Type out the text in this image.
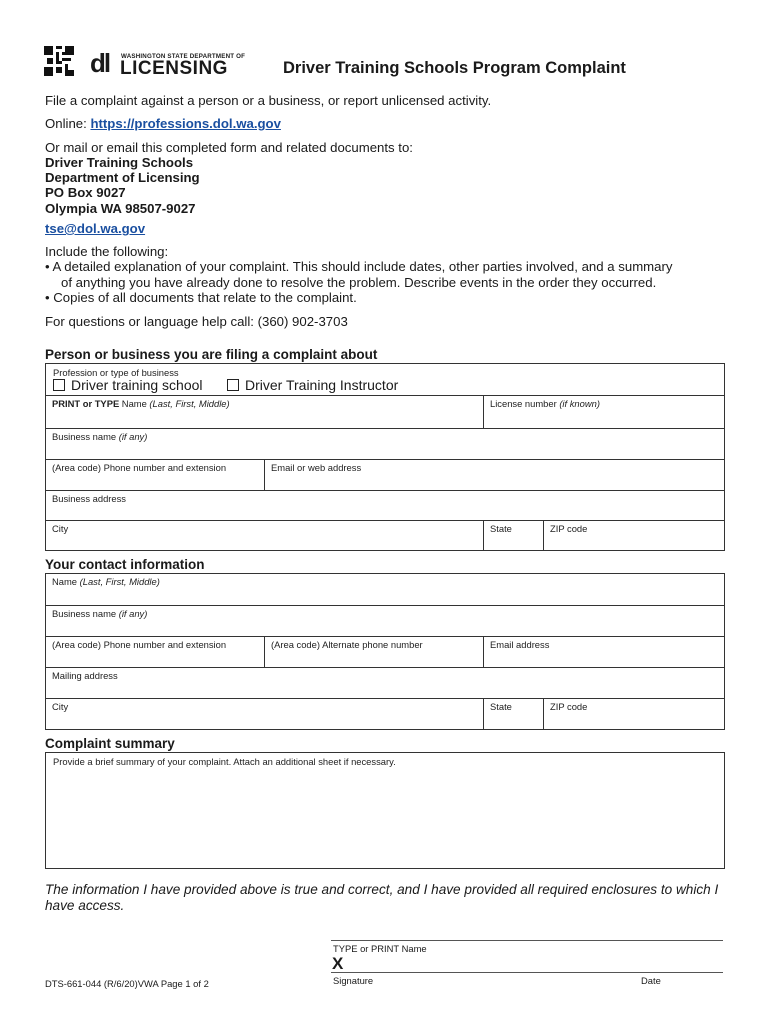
dl WASHINGTON STATE DEPARTMENT OF
LICENSING	Driver Training Schools Program Complaint
File a complaint against a person or a business, or report unlicensed activity.
Online: https://professions.dol.wa.gov
Or mail or email this completed form and related documents to:
Driver Training Schools
Department of Licensing
PO Box 9027
Olympia WA 98507-9027
tse@dol.wa.gov
Include the following:
• A detailed explanation of your complaint. This should include dates, other parties involved, and a summary
of anything you have already done to resolve the problem. Describe events in the order they occurred.
• Copies of all documents that relate to the complaint.
For questions or language help call: (360) 902-3703
Person or business you are filing a complaint about
Profession or type of business
Driver training school	Driver Training Instructor
PRINT or TYPE Name (Last, First, Middle)	License number (if known)
Business name (if any)
(Area code) Phone number and extension	Email or web address
Business address
City	State	ZIP code
Your contact information
Name (Last, First, Middle)
Business name (if any)
(Area code) Phone number and extension	(Area code) Alternate phone number	Email address
Mailing address
City	State	ZIP code
Complaint summary
Provide a brief summary of your complaint. Attach an additional sheet if necessary.
The information I have provided above is true and correct, and I have provided all required enclosures to which I have access.
TYPE or PRINT Name
X
Signature	Date
DTS-661-044 (R/6/20)VWA Page 1 of 2
